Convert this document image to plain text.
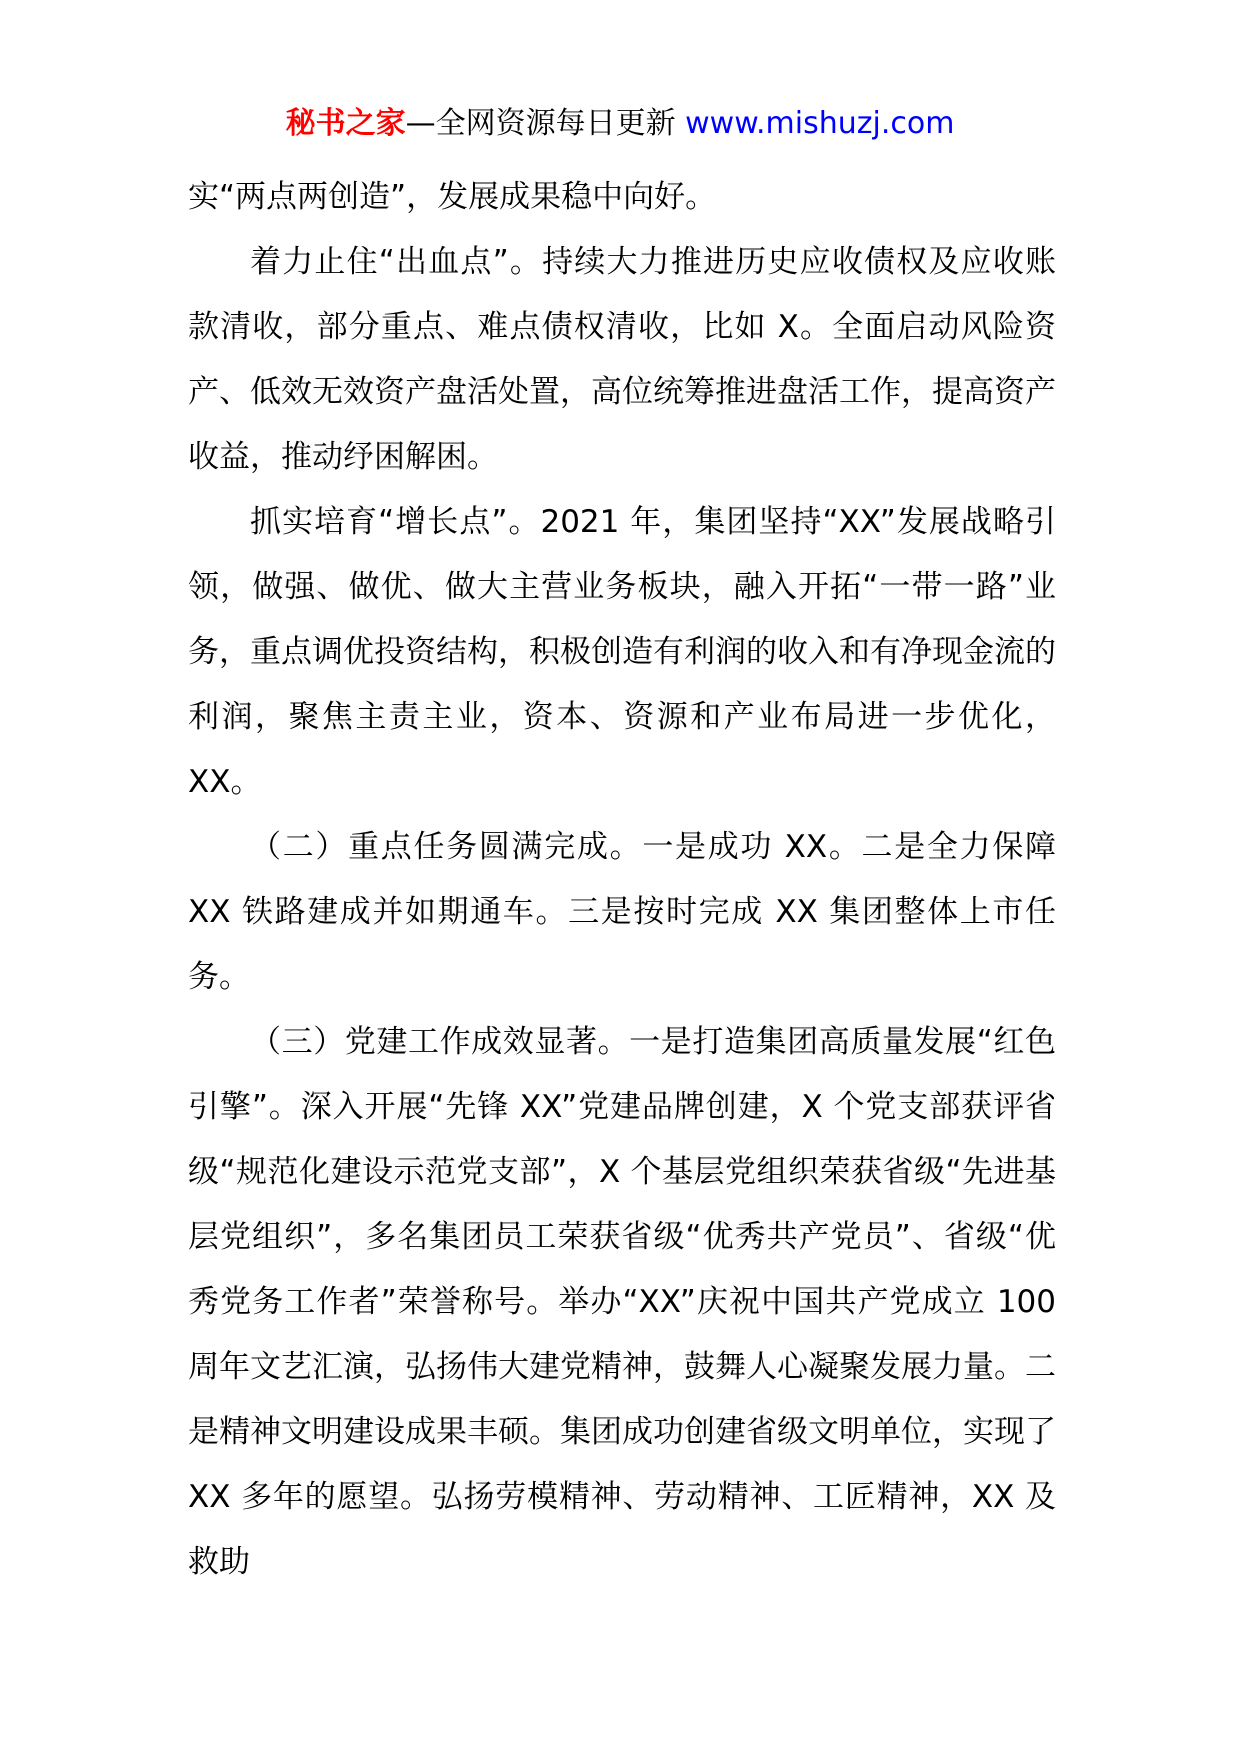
秘书之家—全网资源每日更新 www.mishuzj.com

实“两点两创造”，发展成果稳中向好。

着力止住“出血点”。持续大力推进历史应收债权及应收账款清收，部分重点、难点债权清收，比如 X。全面启动风险资产、低效无效资产盘活处置，高位统筹推进盘活工作，提高资产收益，推动纾困解困。

抓实培育“增长点”。2021 年，集团坚持“XX”发展战略引领，做强、做优、做大主营业务板块，融入开拓“一带一路”业务，重点调优投资结构，积极创造有利润的收入和有净现金流的利润，聚焦主责主业，资本、资源和产业布局进一步优化，XX。

（二）重点任务圆满完成。一是成功 XX。二是全力保障 XX 铁路建成并如期通车。三是按时完成 XX 集团整体上市任务。

（三）党建工作成效显著。一是打造集团高质量发展“红色引擎”。深入开展“先锋 XX”党建品牌创建，X 个党支部获评省级“规范化建设示范党支部”，X 个基层党组织荣获省级“先进基层党组织”，多名集团员工荣获省级“优秀共产党员”、省级“优秀党务工作者”荣誉称号。举办“XX”庆祝中国共产党成立 100 周年文艺汇演，弘扬伟大建党精神，鼓舞人心凝聚发展力量。二是精神文明建设成果丰硕。集团成功创建省级文明单位，实现了 XX 多年的愿望。弘扬劳模精神、劳动精神、工匠精神，XX 及救助
